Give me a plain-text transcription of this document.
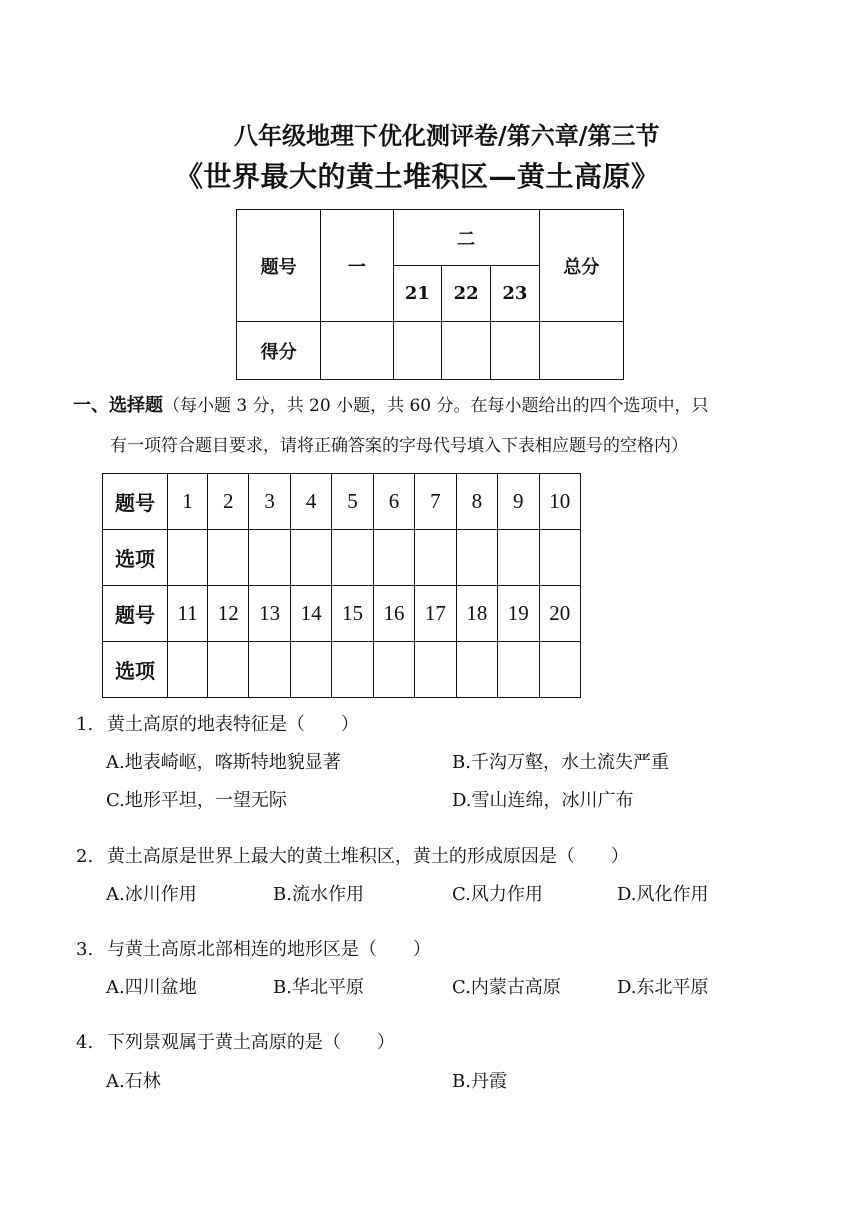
八年级地理下优化测评卷/第六章/第三节
《世界最大的黄土堆积区—黄土高原》
题号	一	二			总分
		21	22	23	
得分					
一、选择题（每小题 3 分，共 20 小题，共 60 分。在每小题给出的四个选项中，只
有一项符合题目要求，请将正确答案的字母代号填入下表相应题号的空格内）
题号	1	2	3	4	5	6	7	8	9	10
选项										
题号	11	12	13	14	15	16	17	18	19	20
选项										
1. 黄土高原的地表特征是（　　）
A.地表崎岖，喀斯特地貌显著	B.千沟万壑，水土流失严重
C.地形平坦，一望无际	D.雪山连绵，冰川广布
2. 黄土高原是世界上最大的黄土堆积区，黄土的形成原因是（　　）
A.冰川作用	B.流水作用	C.风力作用	D.风化作用
3. 与黄土高原北部相连的地形区是（　　）
A.四川盆地	B.华北平原	C.内蒙古高原	D.东北平原
4. 下列景观属于黄土高原的是（　　）
A.石林	B.丹霞
